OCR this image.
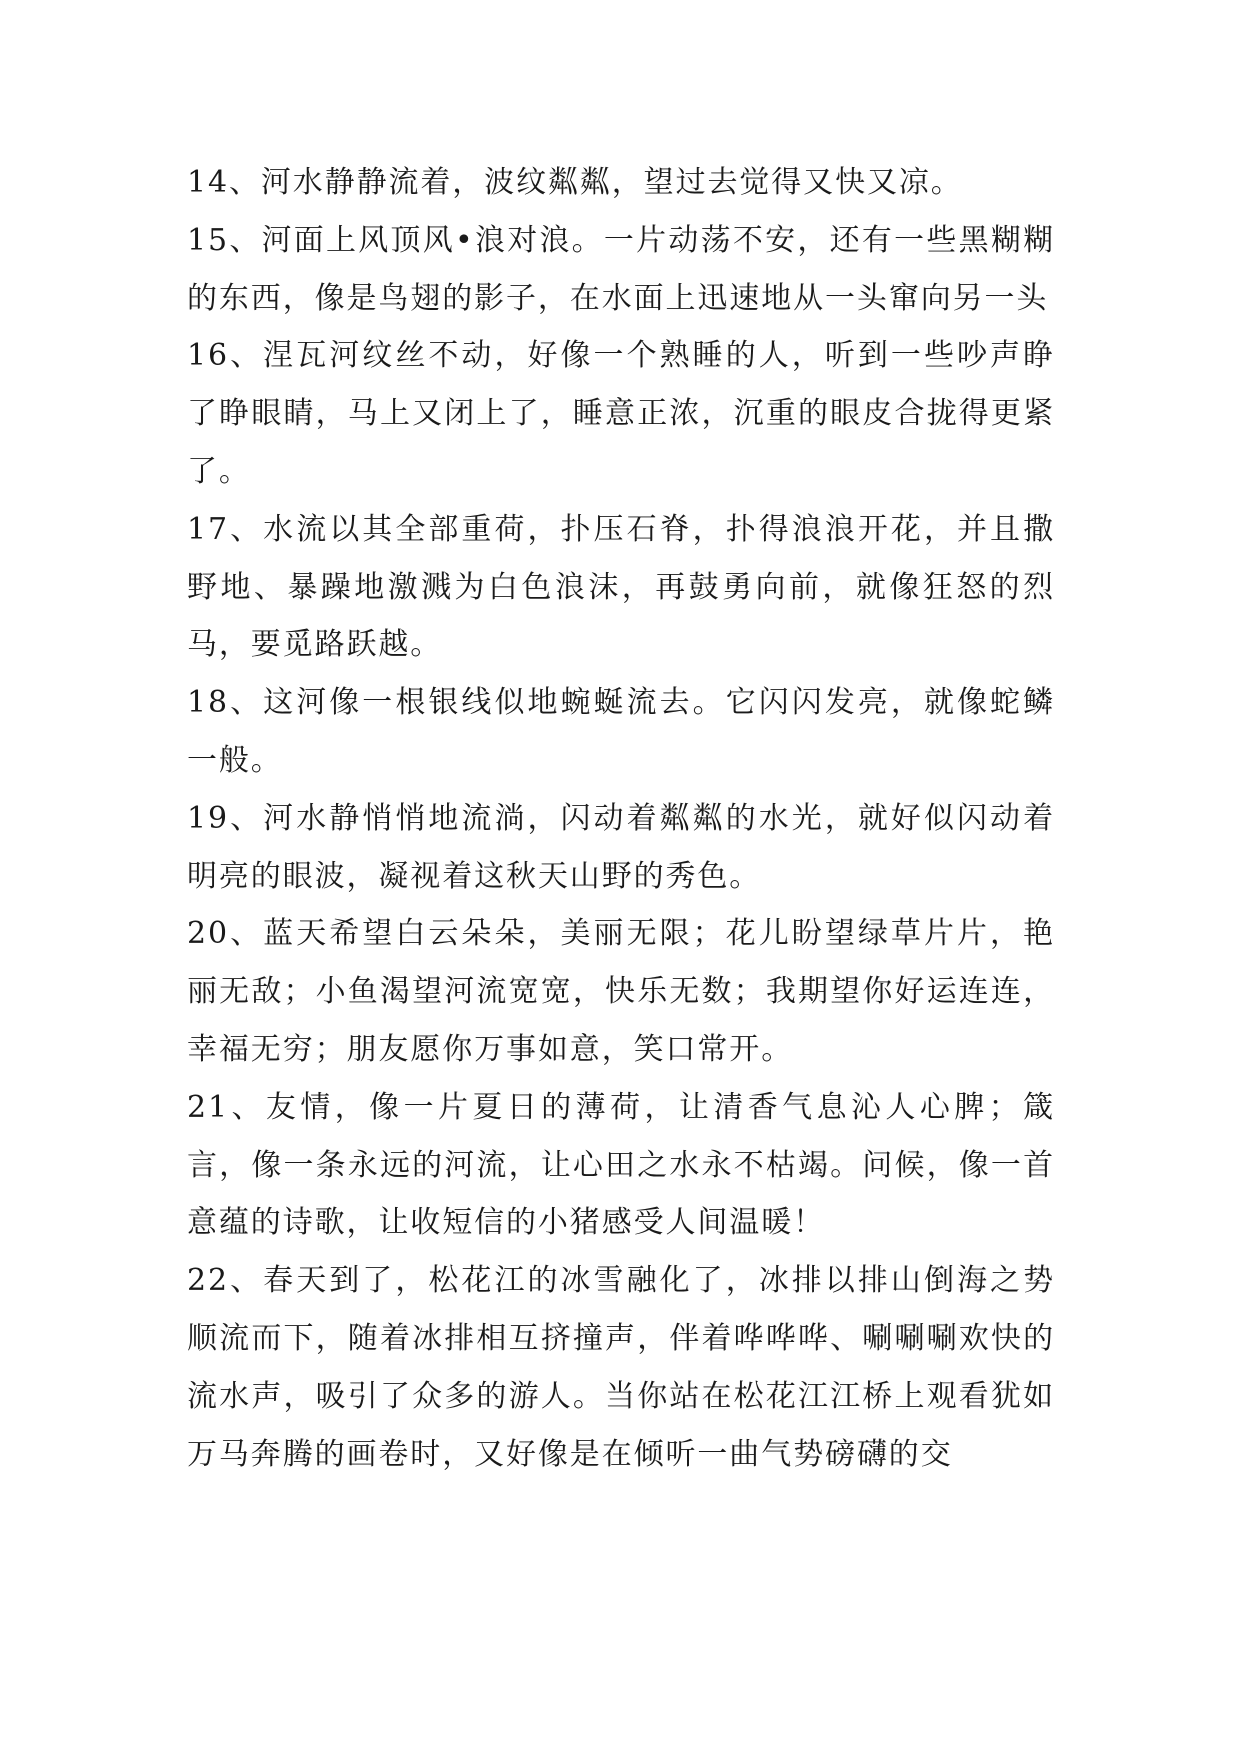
14、河水静静流着，波纹粼粼，望过去觉得又快又凉。

15、河面上风顶风•浪对浪。一片动荡不安，还有一些黑糊糊的东西，像是鸟翅的影子，在水面上迅速地从一头窜向另一头

16、涅瓦河纹丝不动，好像一个熟睡的人，听到一些吵声睁了睁眼睛，马上又闭上了，睡意正浓，沉重的眼皮合拢得更紧了。

17、水流以其全部重荷，扑压石脊，扑得浪浪开花，并且撒野地、暴躁地激溅为白色浪沫，再鼓勇向前，就像狂怒的烈马，要觅路跃越。

18、这河像一根银线似地蜿蜒流去。它闪闪发亮，就像蛇鳞一般。

19、河水静悄悄地流淌，闪动着粼粼的水光，就好似闪动着明亮的眼波，凝视着这秋天山野的秀色。

20、蓝天希望白云朵朵，美丽无限；花儿盼望绿草片片，艳丽无敌；小鱼渴望河流宽宽，快乐无数；我期望你好运连连，幸福无穷；朋友愿你万事如意，笑口常开。

21、友情，像一片夏日的薄荷，让清香气息沁人心脾；箴言，像一条永远的河流，让心田之水永不枯竭。问候，像一首意蕴的诗歌，让收短信的小猪感受人间温暖！

22、春天到了，松花江的冰雪融化了，冰排以排山倒海之势顺流而下，随着冰排相互挤撞声，伴着哗哗哗、唰唰唰欢快的流水声，吸引了众多的游人。当你站在松花江江桥上观看犹如万马奔腾的画卷时，又好像是在倾听一曲气势磅礴的交
